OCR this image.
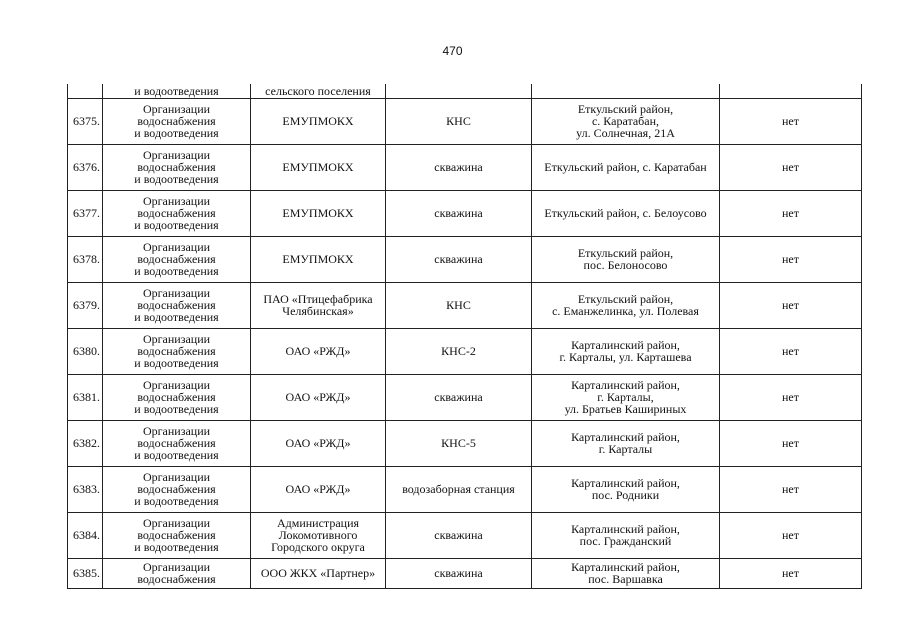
470
	и водоотведения	сельского поселения			
6375.	Организации
водоснабжения
и водоотведения	ЕМУПМОКХ	КНС	Еткульский район,
с. Каратабан,
ул. Солнечная, 21А	нет
6376.	Организации
водоснабжения
и водоотведения	ЕМУПМОКХ	скважина	Еткульский район, с. Каратабан	нет
6377.	Организации
водоснабжения
и водоотведения	ЕМУПМОКХ	скважина	Еткульский район, с. Белоусово	нет
6378.	Организации
водоснабжения
и водоотведения	ЕМУПМОКХ	скважина	Еткульский район,
пос. Белоносово	нет
6379.	Организации
водоснабжения
и водоотведения	ПАО «Птицефабрика
Челябинская»	КНС	Еткульский район,
с. Еманжелинка, ул. Полевая	нет
6380.	Организации
водоснабжения
и водоотведения	ОАО «РЖД»	КНС-2	Карталинский район,
г. Карталы, ул. Карташева	нет
6381.	Организации
водоснабжения
и водоотведения	ОАО «РЖД»	скважина	Карталинский район,
г. Карталы,
ул. Братьев Кашириных	нет
6382.	Организации
водоснабжения
и водоотведения	ОАО «РЖД»	КНС-5	Карталинский район,
г. Карталы	нет
6383.	Организации
водоснабжения
и водоотведения	ОАО «РЖД»	водозаборная станция	Карталинский район,
пос. Родники	нет
6384.	Организации
водоснабжения
и водоотведения	Администрация
Локомотивного
Городского округа	скважина	Карталинский район,
пос. Гражданский	нет
6385.	Организации
водоснабжения	ООО ЖКХ «Партнер»	скважина	Карталинский район,
пос. Варшавка	нет
